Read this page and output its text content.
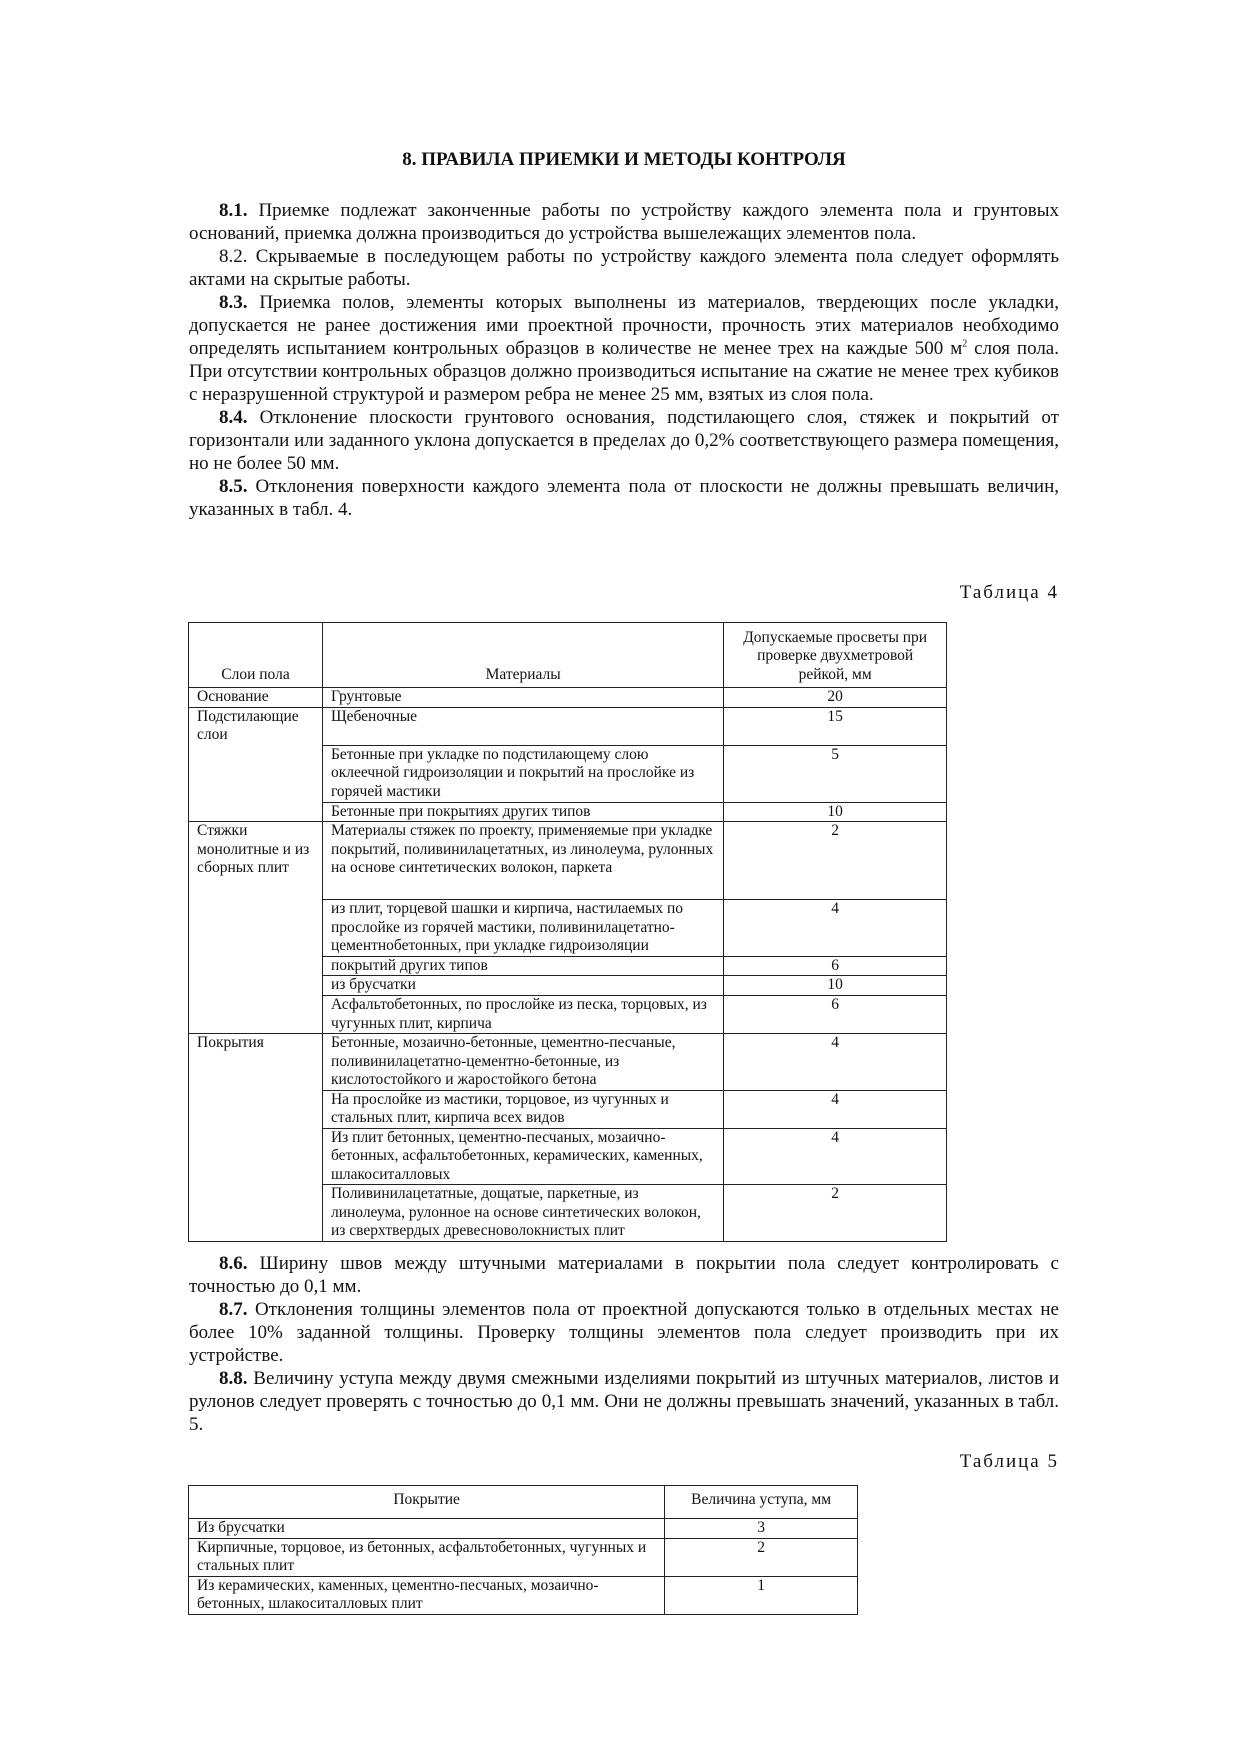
8. ПРАВИЛА ПРИЕМКИ И МЕТОДЫ КОНТРОЛЯ

8.1. Приемке подлежат законченные работы по устройству каждого элемента пола и грунтовых оснований, приемка должна производиться до устройства вышележащих элементов пола.

8.2. Скрываемые в последующем работы по устройству каждого элемента пола следует оформлять актами на скрытые работы.

8.3. Приемка полов, элементы которых выполнены из материалов, твердеющих после укладки, допускается не ранее достижения ими проектной прочности, прочность этих материалов необходимо определять испытанием контрольных образцов в количестве не менее трех на каждые 500 $м^2$ слоя пола. При отсутствии контрольных образцов должно производиться испытание на сжатие не менее трех кубиков с неразрушенной структурой и размером ребра не менее 25 мм, взятых из слоя пола.

8.4. Отклонение плоскости грунтового основания, подстилающего слоя, стяжек и покрытий от горизонтали или заданного уклона допускается в пределах до 0,2% соответствующего размера помещения, но не более 50 мм.

8.5. Отклонения поверхности каждого элемента пола от плоскости не должны превышать величин, указанных в табл. 4.

Таблица 4
Слои пола	Материалы	Допускаемые просветы при проверке двухметровой рейкой, мм
Основание	Грунтовые	20
Подстилающие слои	Щебеночные	15
	Бетонные при укладке по подстилающему слою оклеечной гидроизоляции и покрытий на прослойке из горячей мастики	5
	Бетонные при покрытиях других типов	10
Стяжки монолитные и из сборных плит	Материалы стяжек по проекту, применяемые при укладке покрытий, поливинилацетатных, из линолеума, рулонных на основе синтетических волокон, паркета	2
	из плит, торцевой шашки и кирпича, настилаемых по прослойке из горячей мастики, поливинилацетатно-цементнобетонных, при укладке гидроизоляции	4
	покрытий других типов	6
	из брусчатки	10
	Асфальтобетонных, по прослойке из песка, торцовых, из чугунных плит, кирпича	6
Покрытия	Бетонные, мозаично-бетонные, цементно-песчаные, поливинилацетатно-цементно-бетонные, из кислотостойкого и жаростойкого бетона	4
	На прослойке из мастики, торцовое, из чугунных и стальных плит, кирпича всех видов	4
	Из плит бетонных, цементно-песчаных, мозаично-бетонных, асфальтобетонных, керамических, каменных, шлакоситалловых	4
	Поливинилацетатные, дощатые, паркетные, из линолеума, рулонное на основе синтетических волокон, из сверхтвердых древесноволокнистых плит	2

8.6. Ширину швов между штучными материалами в покрытии пола следует контролировать с точностью до 0,1 мм.

8.7. Отклонения толщины элементов пола от проектной допускаются только в отдельных местах не более 10% заданной толщины. Проверку толщины элементов пола следует производить при их устройстве.

8.8. Величину уступа между двумя смежными изделиями покрытий из штучных материалов, листов и рулонов следует проверять с точностью до 0,1 мм. Они не должны превышать значений, указанных в табл. 5.

Таблица 5
Покрытие	Величина уступа, мм
Из брусчатки	3
Кирпичные, торцовое, из бетонных, асфальтобетонных, чугунных и стальных плит	2
Из керамических, каменных, цементно-песчаных, мозаично-бетонных, шлакоситалловых плит	1
